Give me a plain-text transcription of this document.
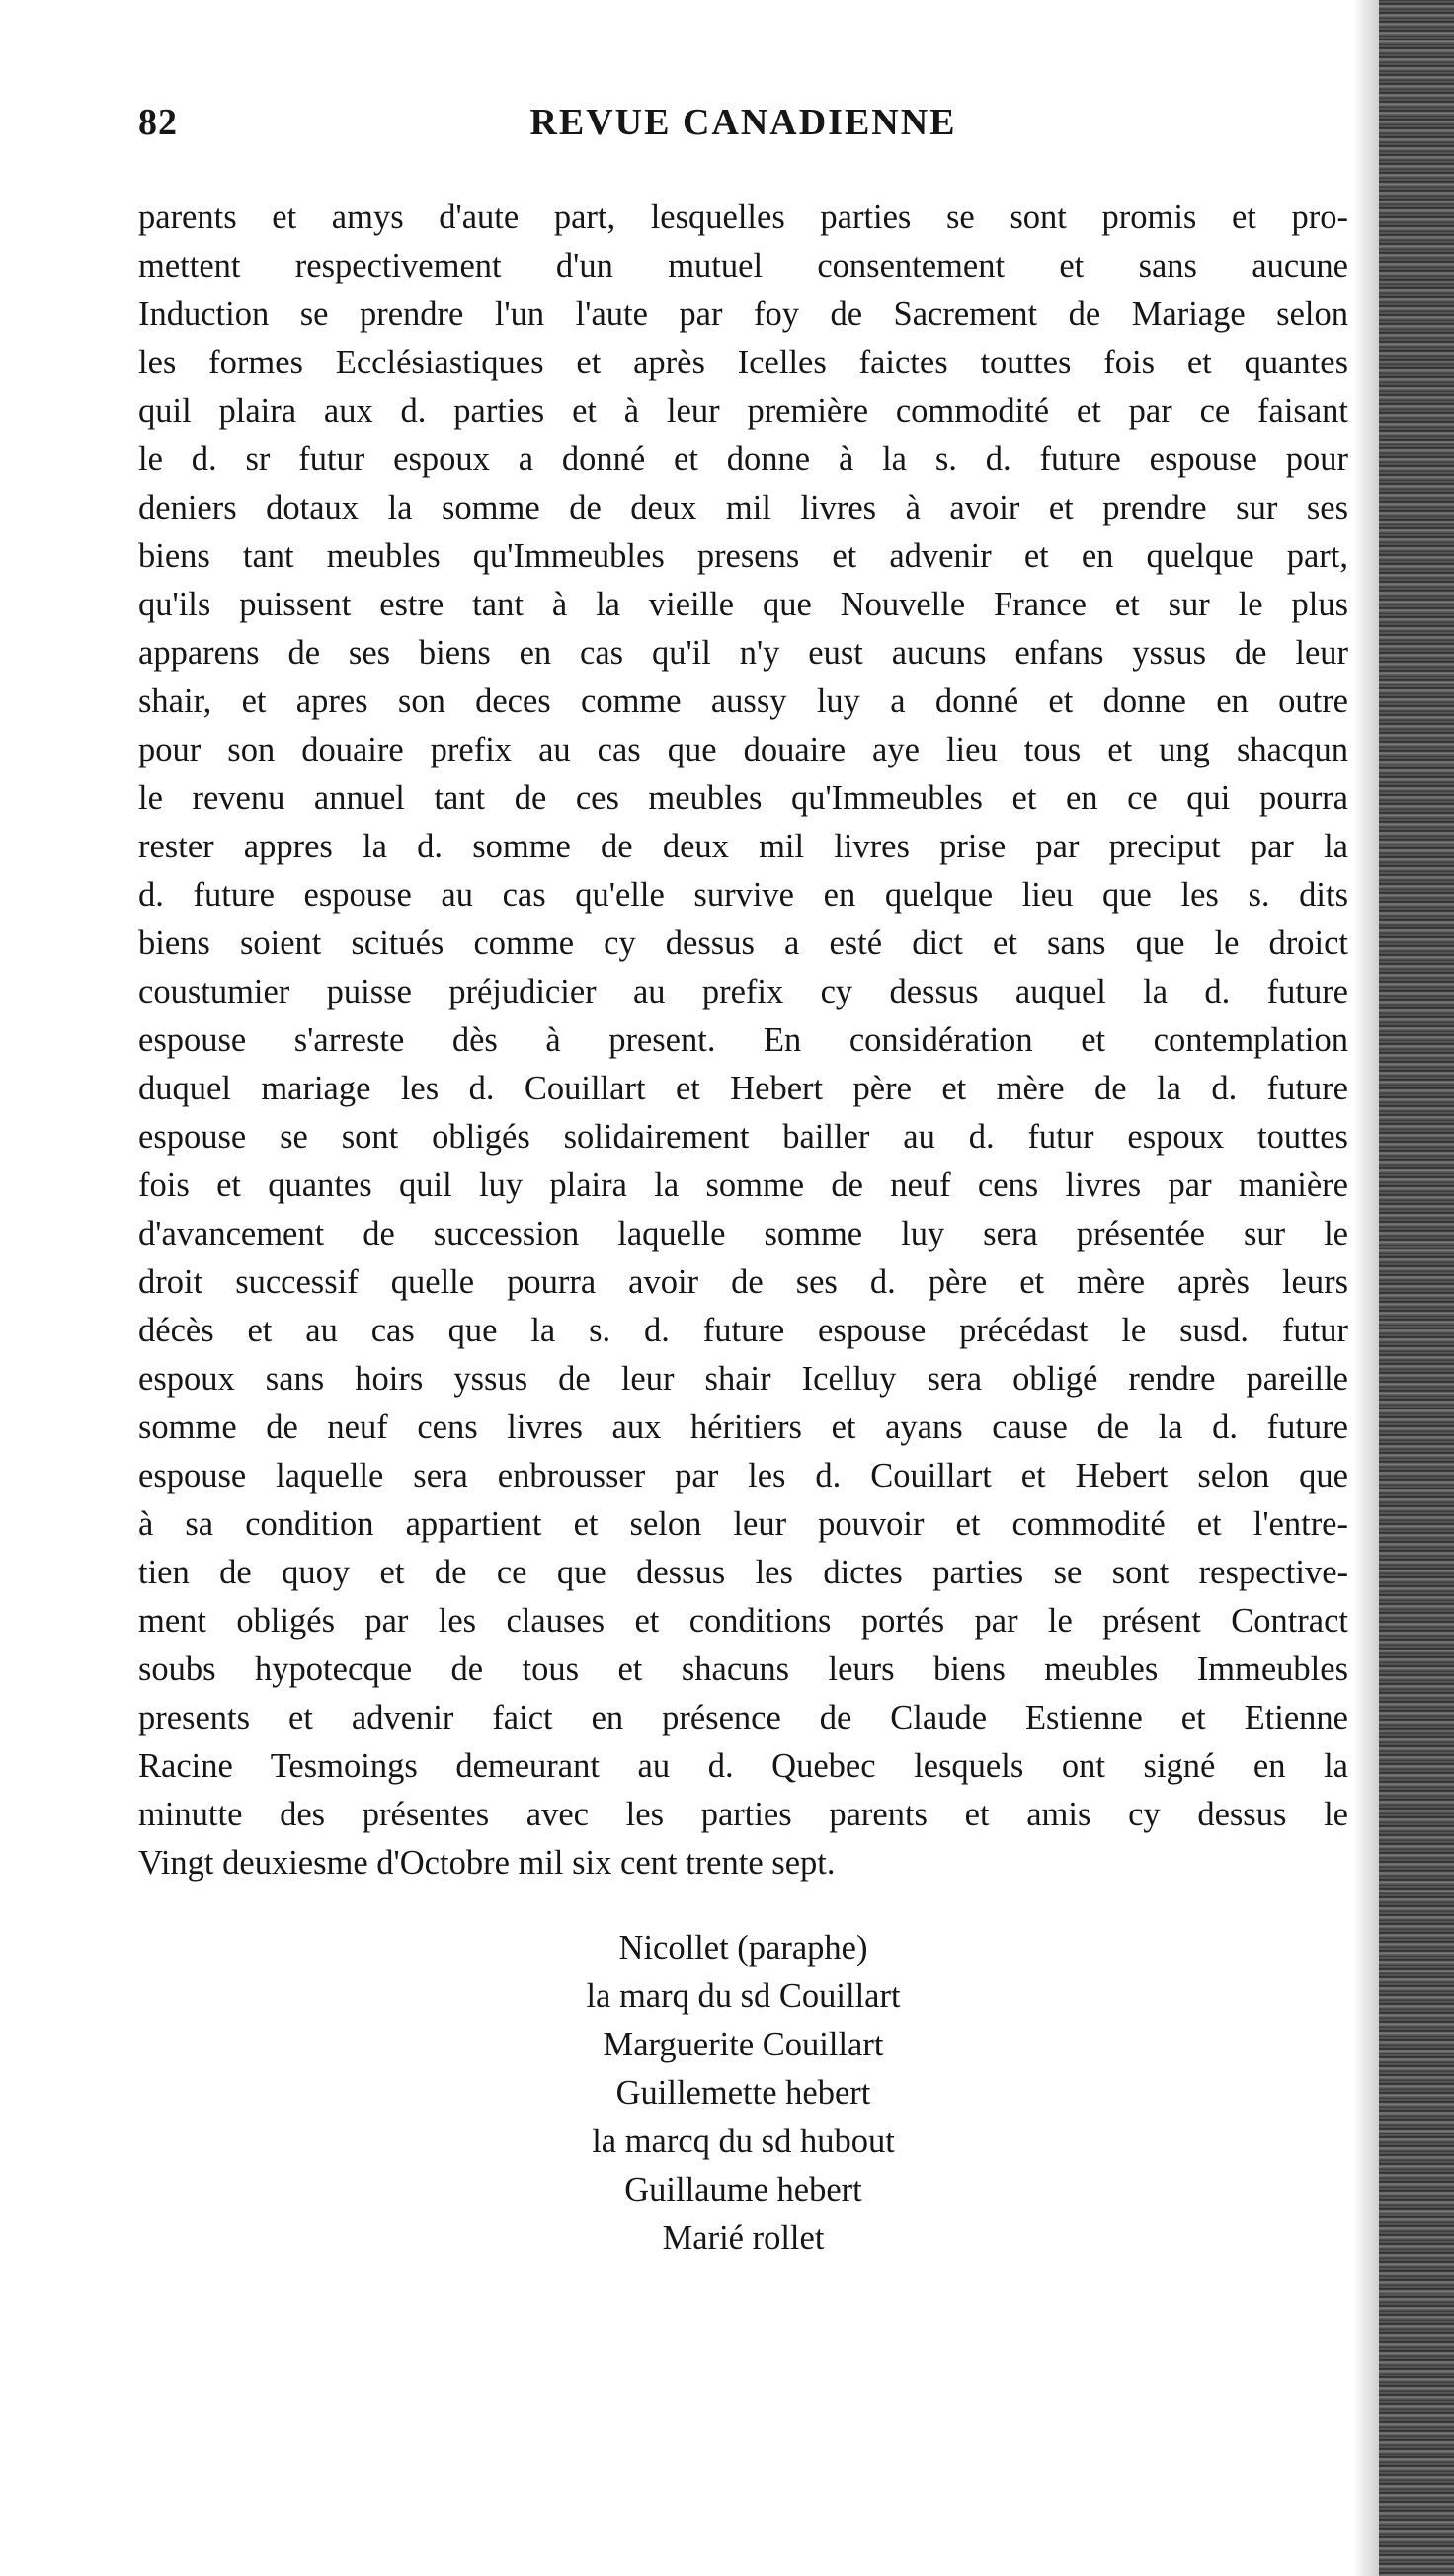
82	REVUE CANADIENNE
parents et amys d'aute part, lesquelles parties se sont promis et pro-
mettent respectivement d'un mutuel consentement et sans aucune
Induction se prendre l'un l'aute par foy de Sacrement de Mariage selon
les formes Ecclésiastiques et après Icelles faictes touttes fois et quantes
quil plaira aux d. parties et à leur première commodité et par ce faisant
le d. sr futur espoux a donné et donne à la s. d. future espouse pour
deniers dotaux la somme de deux mil livres à avoir et prendre sur ses
biens tant meubles qu'Immeubles presens et advenir et en quelque part,
qu'ils puissent estre tant à la vieille que Nouvelle France et sur le plus
apparens de ses biens en cas qu'il n'y eust aucuns enfans yssus de leur
shair, et apres son deces comme aussy luy a donné et donne en outre
pour son douaire prefix au cas que douaire aye lieu tous et ung shacqun
le revenu annuel tant de ces meubles qu'Immeubles et en ce qui pourra
rester appres la d. somme de deux mil livres prise par preciput par la
d. future espouse au cas qu'elle survive en quelque lieu que les s. dits
biens soient scitués comme cy dessus a esté dict et sans que le droict
coustumier puisse préjudicier au prefix cy dessus auquel la d. future
espouse s'arreste dès à present. En considération et contemplation
duquel mariage les d. Couillart et Hebert père et mère de la d. future
espouse se sont obligés solidairement bailler au d. futur espoux touttes
fois et quantes quil luy plaira la somme de neuf cens livres par manière
d'avancement de succession laquelle somme luy sera présentée sur le
droit successif quelle pourra avoir de ses d. père et mère après leurs
décès et au cas que la s. d. future espouse précédast le susd. futur
espoux sans hoirs yssus de leur shair Icelluy sera obligé rendre pareille
somme de neuf cens livres aux héritiers et ayans cause de la d. future
espouse laquelle sera enbrousser par les d. Couillart et Hebert selon que
à sa condition appartient et selon leur pouvoir et commodité et l'entre-
tien de quoy et de ce que dessus les dictes parties se sont respective-
ment obligés par les clauses et conditions portés par le présent Contract
soubs hypotecque de tous et shacuns leurs biens meubles Immeubles
presents et advenir faict en présence de Claude Estienne et Etienne
Racine Tesmoings demeurant au d. Quebec lesquels ont signé en la
minutte des présentes avec les parties parents et amis cy dessus le
Vingt deuxiesme d'Octobre mil six cent trente sept.
Nicollet (paraphe)
la marq du sd Couillart
Marguerite Couillart
Guillemette hebert
la marcq du sd hubout
Guillaume hebert
Marié rollet
